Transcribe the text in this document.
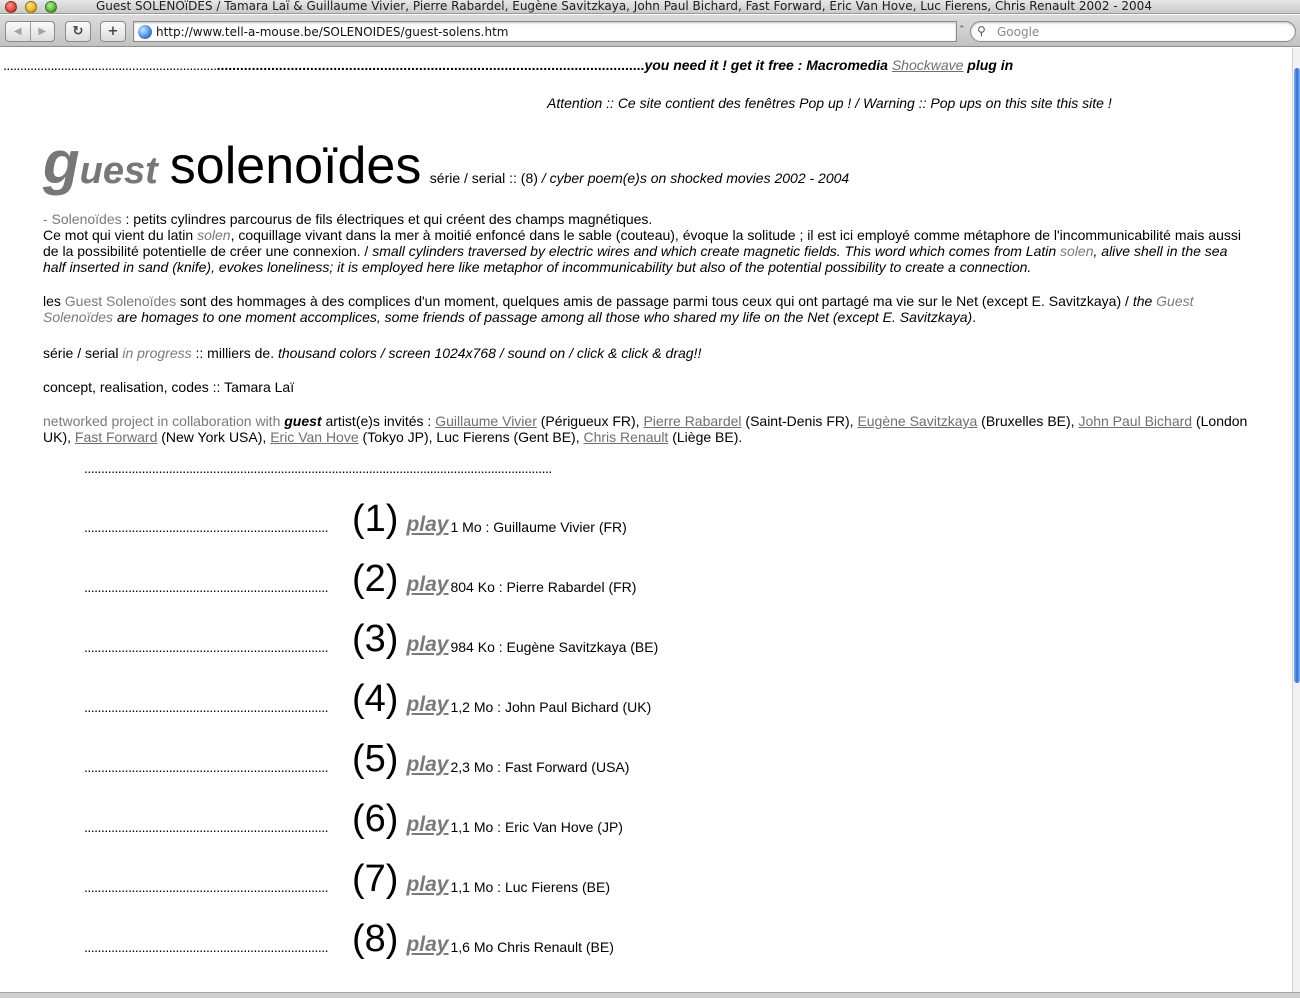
Guest SOLENOïDES / Tamara Laï & Guillaume Vivier, Pierre Rabardel, Eugène Savitzkaya, John Paul Bichard, Fast Forward, Eric Van Hove, Luc Fierens, Chris Renault 2002 - 2004
◀	▶	↻	+	http://www.tell-a-mouse.be/SOLENOIDES/guest-solens.htm	⌃ ⚲ Google
.............................................................................................................................................................................you need it ! get it free : Macromedia Shockwave plug in
Attention :: Ce site contient des fenêtres Pop up ! / Warning :: Pop ups on this site this site !
guest solenoïdes série / serial :: (8) / cyber poem(e)s on shocked movies 2002 - 2004
- Solenoïdes : petits cylindres parcourus de fils électriques et qui créent des champs magnétiques.
Ce mot qui vient du latin solen, coquillage vivant dans la mer à moitié enfoncé dans le sable (couteau), évoque la solitude ; il est ici employé comme métaphore de l'incommunicabilité mais aussi de la possibilité potentielle de créer une connexion. / small cylinders traversed by electric wires and which create magnetic fields. This word which comes from Latin solen, alive shell in the sea half inserted in sand (knife), evokes loneliness; it is employed here like metaphor of incommunicability but also of the potential possibility to create a connection.
les Guest Solenoïdes sont des hommages à des complices d'un moment, quelques amis de passage parmi tous ceux qui ont partagé ma vie sur le Net (except E. Savitzkaya) / the Guest Solenoïdes are homages to one moment accomplices, some friends of passage among all those who shared my life on the Net (except E. Savitzkaya).
série / serial in progress :: milliers de. thousand colors / screen 1024x768 / sound on / click & click & drag!!
concept, realisation, codes :: Tamara Laï
networked project in collaboration with guest artist(e)s invités : Guillaume Vivier (Périgueux FR), Pierre Rabardel (Saint-Denis FR), Eugène Savitzkaya (Bruxelles BE), John Paul Bichard (London UK), Fast Forward (New York USA), Eric Van Hove (Tokyo JP), Luc Fierens (Gent BE), Chris Renault (Liège BE).
..........................................................................................................................................
........................................................................ (1) play1 Mo : Guillaume Vivier (FR)
........................................................................ (2) play804 Ko : Pierre Rabardel (FR)
........................................................................ (3) play984 Ko : Eugène Savitzkaya (BE)
........................................................................ (4) play1,2 Mo : John Paul Bichard (UK)
........................................................................ (5) play2,3 Mo : Fast Forward (USA)
........................................................................ (6) play1,1 Mo : Eric Van Hove (JP)
........................................................................ (7) play1,1 Mo : Luc Fierens (BE)
........................................................................ (8) play1,6 Mo Chris Renault (BE)
